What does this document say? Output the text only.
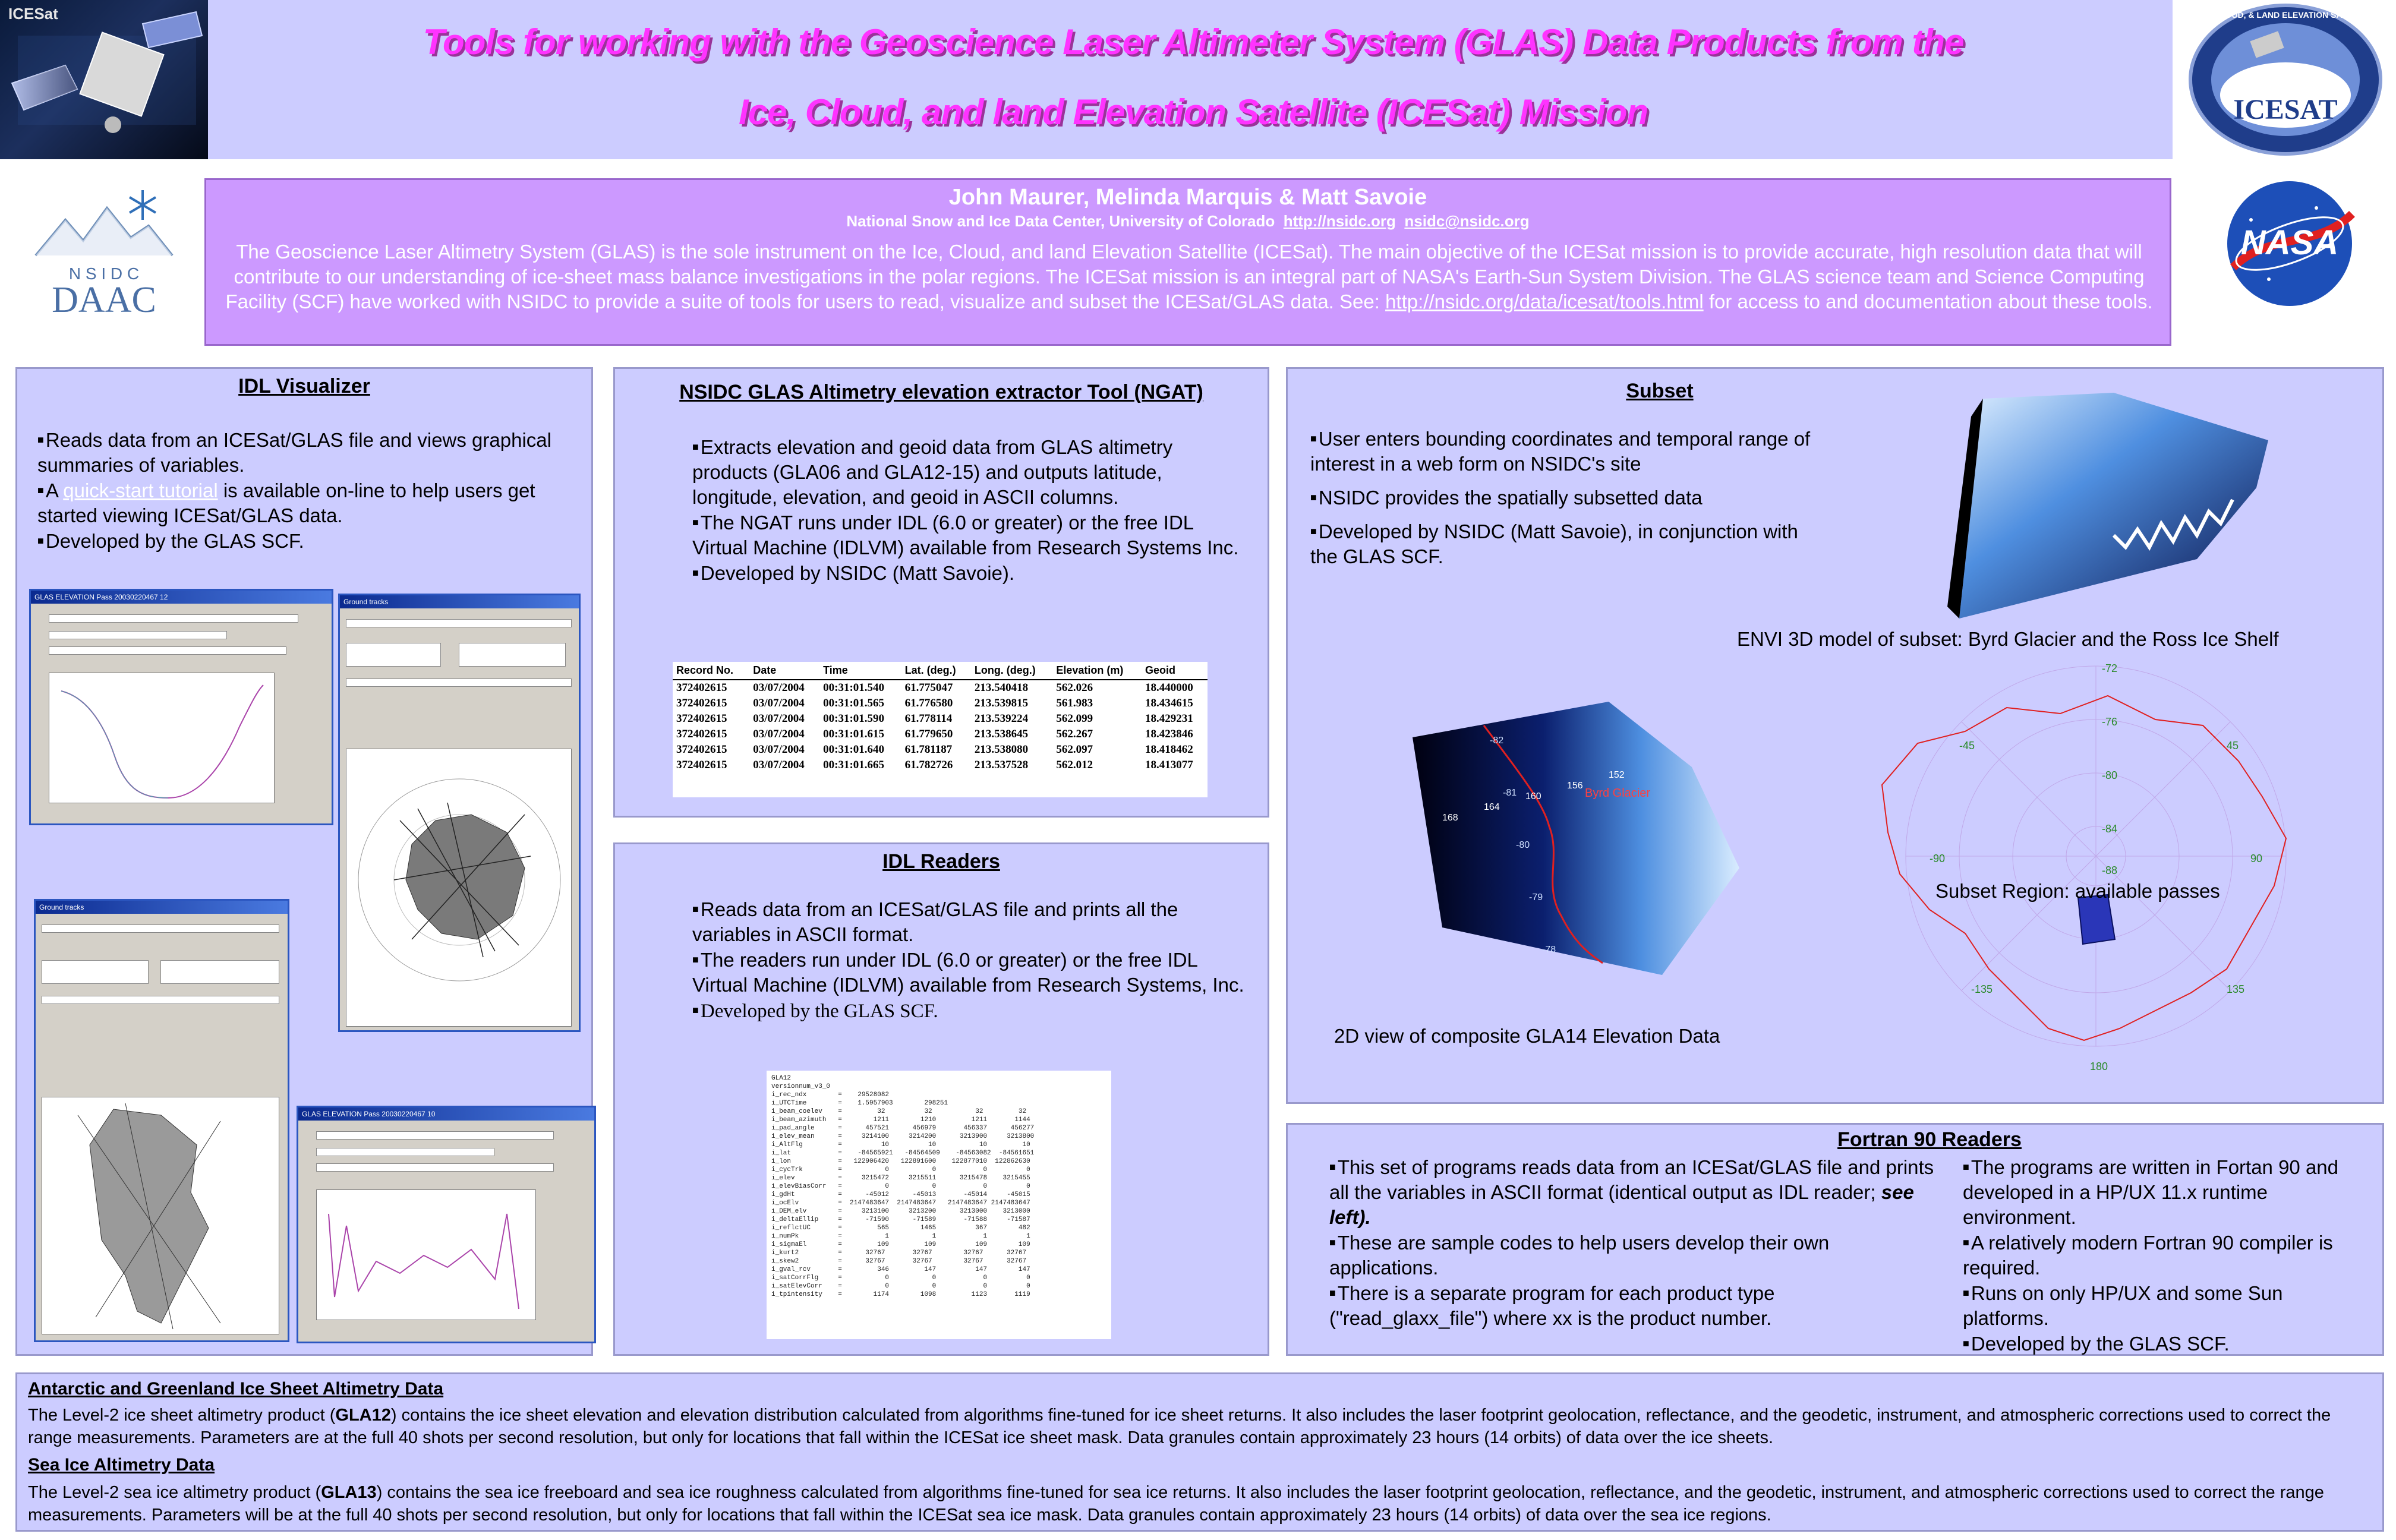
Tools for working with the Geoscience Laser Altimeter System (GLAS) Data Products from the
Ice, Cloud, and land Elevation Satellite (ICESat) Mission
ICESat
ICESAT
ICE, CLOUD, & LAND ELEVATION SATELLITE
N S I D C
DAAC
John Maurer, Melinda Marquis & Matt Savoie
National Snow and Ice Data Center, University of Colorado http://nsidc.org nsidc@nsidc.org
The Geoscience Laser Altimetry System (GLAS) is the sole instrument on the Ice, Cloud, and land Elevation Satellite (ICESat). The main objective of the ICESat mission is to provide accurate, high resolution data that will contribute to our understanding of ice-sheet mass balance investigations in the polar regions. The ICESat mission is an integral part of NASA's Earth-Sun System Division. The GLAS science team and Science Computing Facility (SCF) have worked with NSIDC to provide a suite of tools for users to read, visualize and subset the ICESat/GLAS data. See: http://nsidc.org/data/icesat/tools.html for access to and documentation about these tools.
NASA
IDL Visualizer

■Reads data from an ICESat/GLAS file and views graphical summaries of variables.

■A quick-start tutorial is available on-line to help users get started viewing ICESat/GLAS data.

■Developed by the GLAS SCF.

GLAS ELEVATION Pass 20030220467 12
Ground tracks
Ground tracks
GLAS ELEVATION Pass 20030220467 10
NSIDC GLAS Altimetry elevation extractor Tool (NGAT)

■Extracts elevation and geoid data from GLAS altimetry products (GLA06 and GLA12-15) and outputs latitude, longitude, elevation, and geoid in ASCII columns.

■The NGAT runs under IDL (6.0 or greater) or the free IDL Virtual Machine (IDLVM) available from Research Systems Inc.

■Developed by NSIDC (Matt Savoie).

Record No.	Date	Time	Lat. (deg.)	Long. (deg.)	Elevation (m)	Geoid
372402615	03/07/2004	00:31:01.540	61.775047	213.540418	562.026	18.440000
372402615	03/07/2004	00:31:01.565	61.776580	213.539815	561.983	18.434615
372402615	03/07/2004	00:31:01.590	61.778114	213.539224	562.099	18.429231
372402615	03/07/2004	00:31:01.615	61.779650	213.538645	562.267	18.423846
372402615	03/07/2004	00:31:01.640	61.781187	213.538080	562.097	18.418462
372402615	03/07/2004	00:31:01.665	61.782726	213.537528	562.012	18.413077
IDL Readers

■Reads data from an ICESat/GLAS file and prints all the variables in ASCII format.

■The readers run under IDL (6.0 or greater) or the free IDL Virtual Machine (IDLVM) available from Research Systems, Inc.

■Developed by the GLAS SCF.

GLA12
versionnum_v3_0
i_rec_ndx        =    29528082
i_UTCTime        =    1.5957903        298251
i_beam_coelev    =         32          32           32         32
i_beam_azimuth   =        1211        1210         1211       1144
i_pad_angle      =      457521      456979       456337      456277
i_elev_mean      =     3214100     3214200      3213900     3213800
i_AltFlg         =          10          10           10         10
i_lat            =    -84565921   -84564509    -84563082  -84561651
i_lon            =   122906420   122891600    122877010  122862630
i_cycTrk         =           0           0            0          0
i_elev           =     3215472     3215511      3215478    3215455
i_elevBiasCorr   =           0           0            0          0
i_gdHt           =      -45012      -45013       -45014     -45015
i_ocElv          =  2147483647  2147483647   2147483647 2147483647
i_DEM_elv        =     3213100     3213200      3213000    3213000
i_deltaEllip     =      -71590      -71589       -71588     -71587
i_reflctUC       =         565        1465          367        482
i_numPk          =           1           1            1          1
i_sigmaEl        =         109         109          109        109
i_kurt2          =      32767       32767        32767      32767
i_skew2          =      32767       32767        32767      32767
i_gval_rcv       =         346         147          147        147
i_satCorrFlg     =           0           0            0          0
i_satElevCorr    =           0           0            0          0
i_tpintensity    =        1174        1098         1123       1119
Subset

■User enters bounding coordinates and temporal range of interest in a web form on NSIDC's site

■NSIDC provides the spatially subsetted data

■Developed by NSIDC (Matt Savoie), in conjunction with the GLAS SCF.

ENVI 3D model of subset: Byrd Glacier and the Ross Ice Shelf
Byrd Glacier
-82
-81
-80
-79
-78
168
164
160
156
152
2D view of composite GLA14 Elevation Data
-72
-76
-80
-84
-88
45
-45
-90	90
-135	135
180
Subset Region: available passes
Fortran 90 Readers

■This set of programs reads data from an ICESat/GLAS file and prints all the variables in ASCII format (identical output as IDL reader; see left).

■These are sample codes to help users develop their own applications.

■There is a separate program for each product type ("read_glaxx_file") where xx is the product number.

■The programs are written in Fortan 90 and developed in a HP/UX 11.x runtime environment.

■A relatively modern Fortran 90 compiler is required.

■Runs on only HP/UX and some Sun platforms.

■Developed by the GLAS SCF.

Antarctic and Greenland Ice Sheet Altimetry Data
The Level-2 ice sheet altimetry product (GLA12) contains the ice sheet elevation and elevation distribution calculated from algorithms fine-tuned for ice sheet returns. It also includes the laser footprint geolocation, reflectance, and the geodetic, instrument, and atmospheric corrections used to correct the range measurements. Parameters are at the full 40 shots per second resolution, but only for locations that fall within the ICESat ice sheet mask. Data granules contain approximately 23 hours (14 orbits) of data over the ice sheets.
Sea Ice Altimetry Data
The Level-2 sea ice altimetry product (GLA13) contains the sea ice freeboard and sea ice roughness calculated from algorithms fine-tuned for sea ice returns. It also includes the laser footprint geolocation, reflectance, and the geodetic, instrument, and atmospheric corrections used to correct the range measurements. Parameters will be at the full 40 shots per second resolution, but only for locations that fall within the ICESat sea ice mask. Data granules contain approximately 23 hours (14 orbits) of data over the sea ice regions.
